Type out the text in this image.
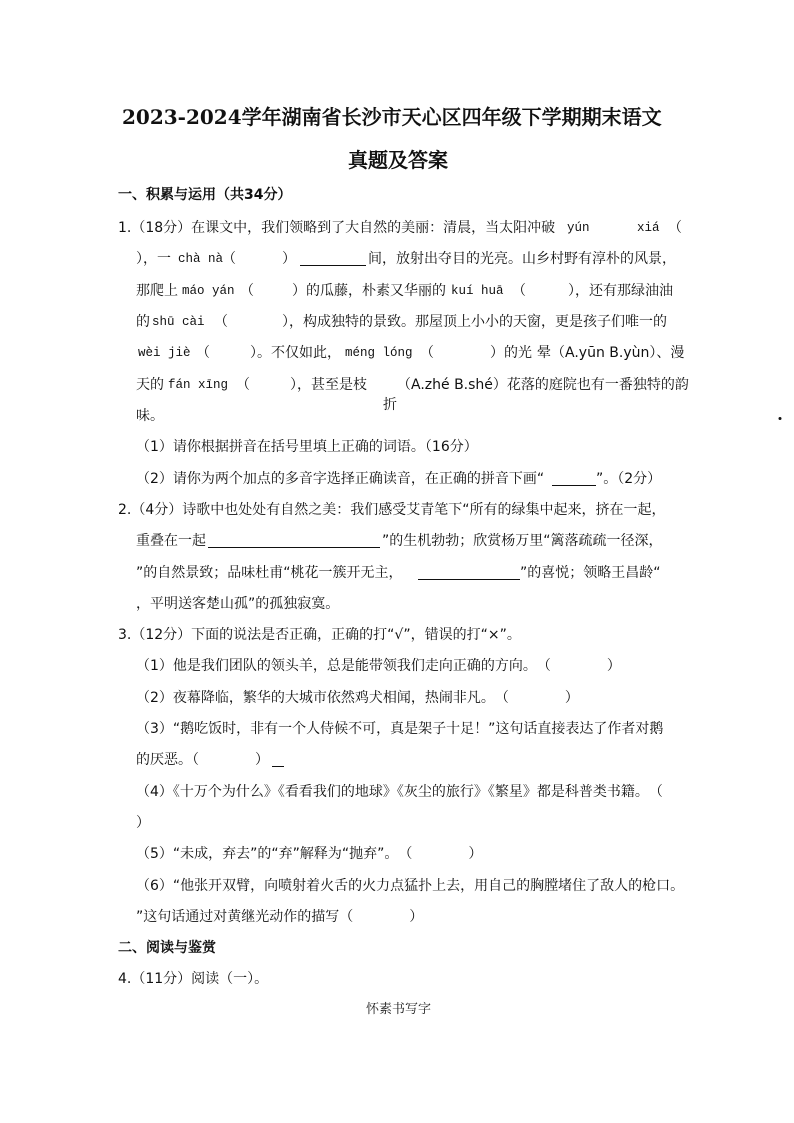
2023-2024学年湖南省长沙市天心区四年级下学期期末语文
真题及答案
一、积累与运用（共34分）
1.（18分）在课文中，我们领略到了大自然的美丽：清晨，当太阳冲破 yún	xiá （
），一 chà nà
（	）	间，放射出夺目的光亮。山乡村野有淳朴的风景，
那爬上 máo yán （	）的瓜藤，朴素又华丽的 kuí huā （	），还有那绿油油
的 shū cài （	），构成独特的景致。那屋顶上小小的天窗，更是孩子们唯一的
wèi jiè （	）。不仅如此， méng lóng （	）的光 晕 （A.yūn B.yùn）、漫
天的 fán xīng （	），甚至是枝
折
（A.zhé B.shé）花落的庭院也有一番独特的韵
味。
（1）请你根据拼音在括号里填上正确的词语。（16分）
（2）请你为两个加点的多音字选择正确读音，在正确的拼音下画“	”。（2分）
2.（4分）诗歌中也处处有自然之美：我们感受艾青笔下“所有的绿集中起来，挤在一起，
重叠在一起	”的生机勃勃；欣赏杨万里“篱落疏疏一径深，
”的自然景致；品味杜甫“桃花一簇开无主，	”的喜悦；领略王昌龄“
，平明送客楚山孤”的孤独寂寞。
3.（12分）下面的说法是否正确，正确的打“√”，错误的打“×”。
（1）他是我们团队的领头羊，总是能带领我们走向正确的方向。　（　　　　）
（2）夜幕降临，繁华的大城市依然鸡犬相闻，热闹非凡。　（　　　　）
（3）“鹅吃饭时，非有一个人侍候不可，真是架子十足！”这句话直接表达了作者对鹅
的厌恶。（　　　　）
（4）《十万个为什么》《看看我们的地球》《灰尘的旅行》《繁星》都是科普类书籍。　（
）
（5）“未成，弃去”的“弃”解释为“抛弃”。　（　　　　）
（6）“他张开双臂，向喷射着火舌的火力点猛扑上去，用自己的胸膛堵住了敌人的枪口。
”这句话通过对黄继光动作的描写（　　　　）
二、阅读与鉴赏
4.（11分）阅读（一）。
怀素书写字
